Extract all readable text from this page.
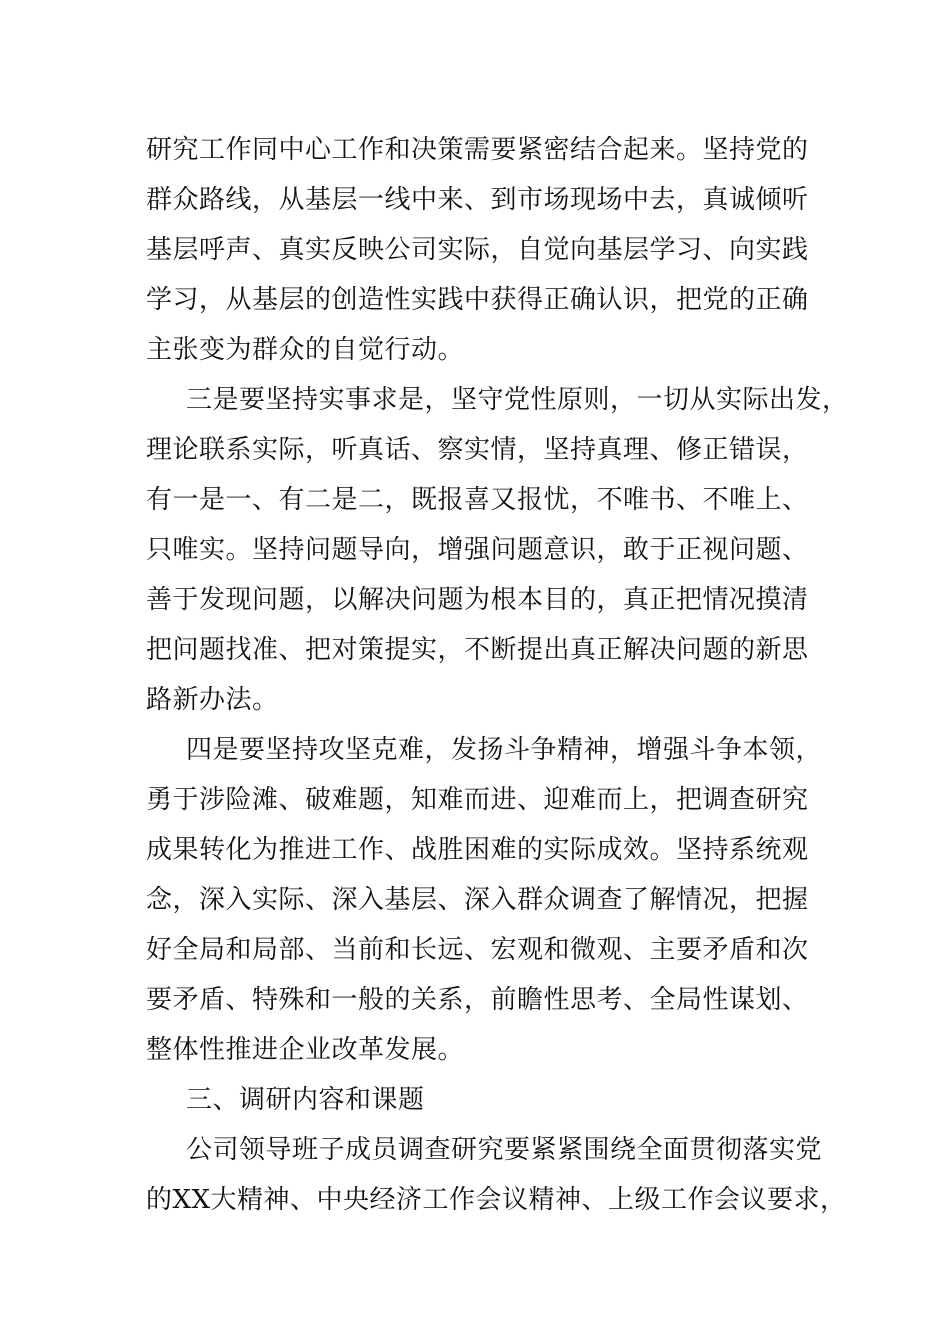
研究工作同中心工作和决策需要紧密结合起来。坚持党的
群众路线，从基层一线中来、到市场现场中去，真诚倾听
基层呼声、真实反映公司实际，自觉向基层学习、向实践
学习，从基层的创造性实践中获得正确认识，把党的正确
主张变为群众的自觉行动。
三是要坚持实事求是，坚守党性原则，一切从实际出发，
理论联系实际，听真话、察实情，坚持真理、修正错误，
有一是一、有二是二，既报喜又报忧，不唯书、不唯上、
只唯实。坚持问题导向，增强问题意识，敢于正视问题、
善于发现问题，以解决问题为根本目的，真正把情况摸清
把问题找准、把对策提实，不断提出真正解决问题的新思
路新办法。
四是要坚持攻坚克难，发扬斗争精神，增强斗争本领，
勇于涉险滩、破难题，知难而进、迎难而上，把调查研究
成果转化为推进工作、战胜困难的实际成效。坚持系统观
念，深入实际、深入基层、深入群众调查了解情况，把握
好全局和局部、当前和长远、宏观和微观、主要矛盾和次
要矛盾、特殊和一般的关系，前瞻性思考、全局性谋划、
整体性推进企业改革发展。
三、调研内容和课题
公司领导班子成员调查研究要紧紧围绕全面贯彻落实党
的XX大精神、中央经济工作会议精神、上级工作会议要求，
